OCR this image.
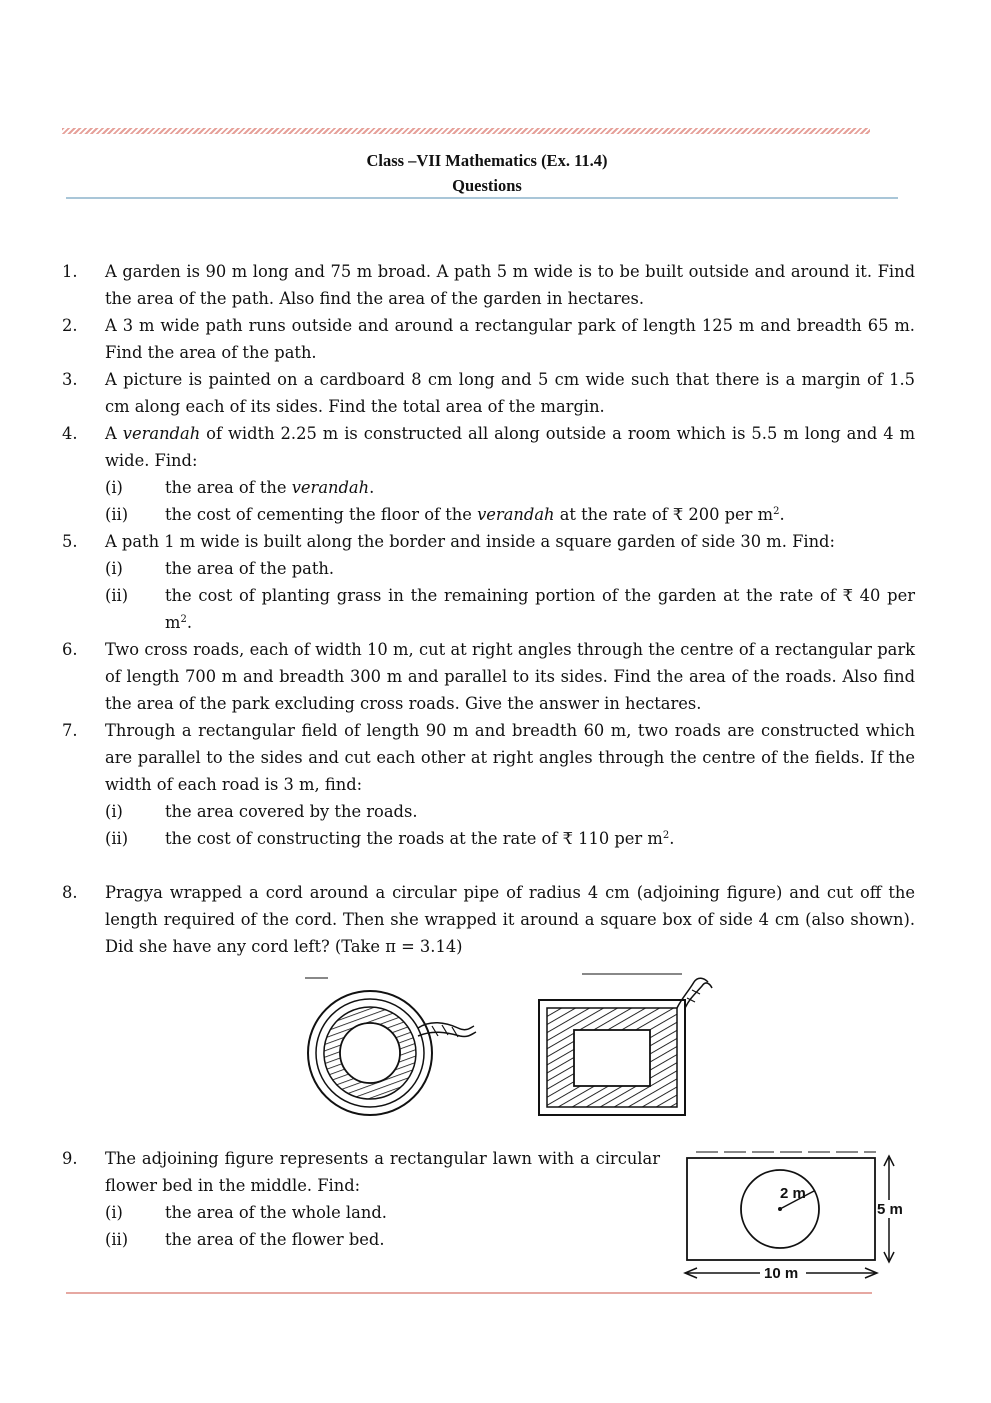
Class –VII Mathematics (Ex. 11.4)
Questions
1.	A garden is 90 m long and 75 m broad. A path 5 m wide is to be built outside and around it. Find the area of the path. Also find the area of the garden in hectares.
2.	A 3 m wide path runs outside and around a rectangular park of length 125 m and breadth 65 m. Find the area of the path.
3.	A picture is painted on a cardboard 8 cm long and 5 cm wide such that there is a margin of 1.5 cm along each of its sides. Find the total area of the margin.
4.	A verandah of width 2.25 m is constructed all along outside a room which is 5.5 m long and 4 m wide. Find:
(i)	the area of the verandah.
(ii)	the cost of cementing the floor of the verandah at the rate of ₹ 200 per $m^2$.
5.	A path 1 m wide is built along the border and inside a square garden of side 30 m. Find:
(i)	the area of the path.
(ii)	the cost of planting grass in the remaining portion of the garden at the rate of ₹ 40 per $m^2$.
6.	Two cross roads, each of width 10 m, cut at right angles through the centre of a rectangular park of length 700 m and breadth 300 m and parallel to its sides. Find the area of the roads. Also find the area of the park excluding cross roads. Give the answer in hectares.
7.	Through a rectangular field of length 90 m and breadth 60 m, two roads are constructed which are parallel to the sides and cut each other at right angles through the centre of the fields. If the width of each road is 3 m, find:
(i)	the area covered by the roads.
(ii)	the cost of constructing the roads at the rate of ₹ 110 per $m^2$.
8.	Pragya wrapped a cord around a circular pipe of radius 4 cm (adjoining figure) and cut off the length required of the cord. Then she wrapped it around a square box of side 4 cm (also shown). Did she have any cord left? (Take π = 3.14)
9.	The adjoining figure represents a rectangular lawn with a circular flower bed in the middle. Find:
(i)	the area of the whole land.
(ii)	the area of the flower bed.
2 m
5 m
10 m
